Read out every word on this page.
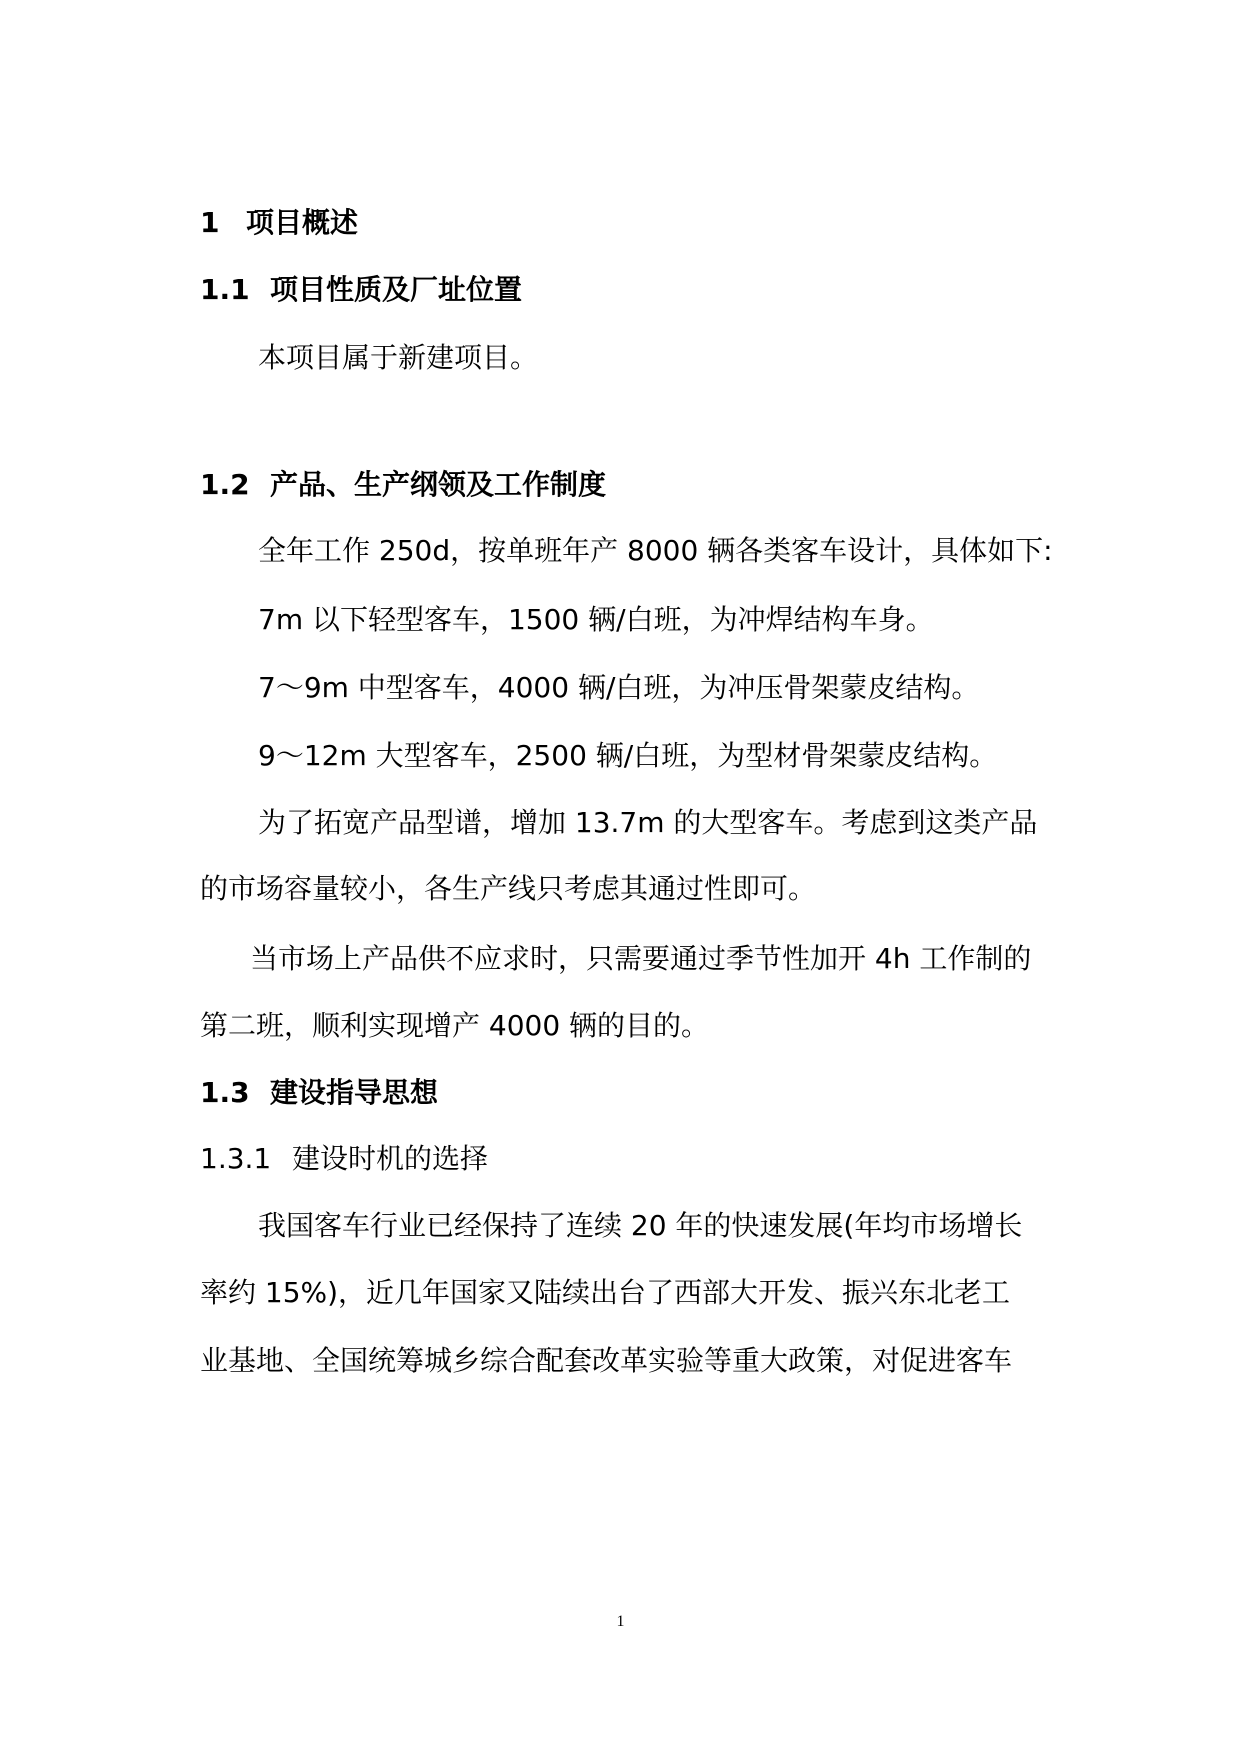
1 项目概述
1.1 项目性质及厂址位置
本项目属于新建项目。
1.2 产品、生产纲领及工作制度
全年工作 250d，按单班年产 8000 辆各类客车设计，具体如下:
7m 以下轻型客车，1500 辆/白班，为冲焊结构车身。
7～9m 中型客车，4000 辆/白班，为冲压骨架蒙皮结构。
9～12m 大型客车，2500 辆/白班，为型材骨架蒙皮结构。
为了拓宽产品型谱，增加 13.7m 的大型客车。考虑到这类产品
的市场容量较小，各生产线只考虑其通过性即可。
当市场上产品供不应求时，只需要通过季节性加开 4h 工作制的
第二班，顺利实现增产 4000 辆的目的。
1.3 建设指导思想
1.3.1 建设时机的选择
我国客车行业已经保持了连续 20 年的快速发展(年均市场增长
率约 15%)，近几年国家又陆续出台了西部大开发、振兴东北老工
业基地、全国统筹城乡综合配套改革实验等重大政策，对促进客车
1
